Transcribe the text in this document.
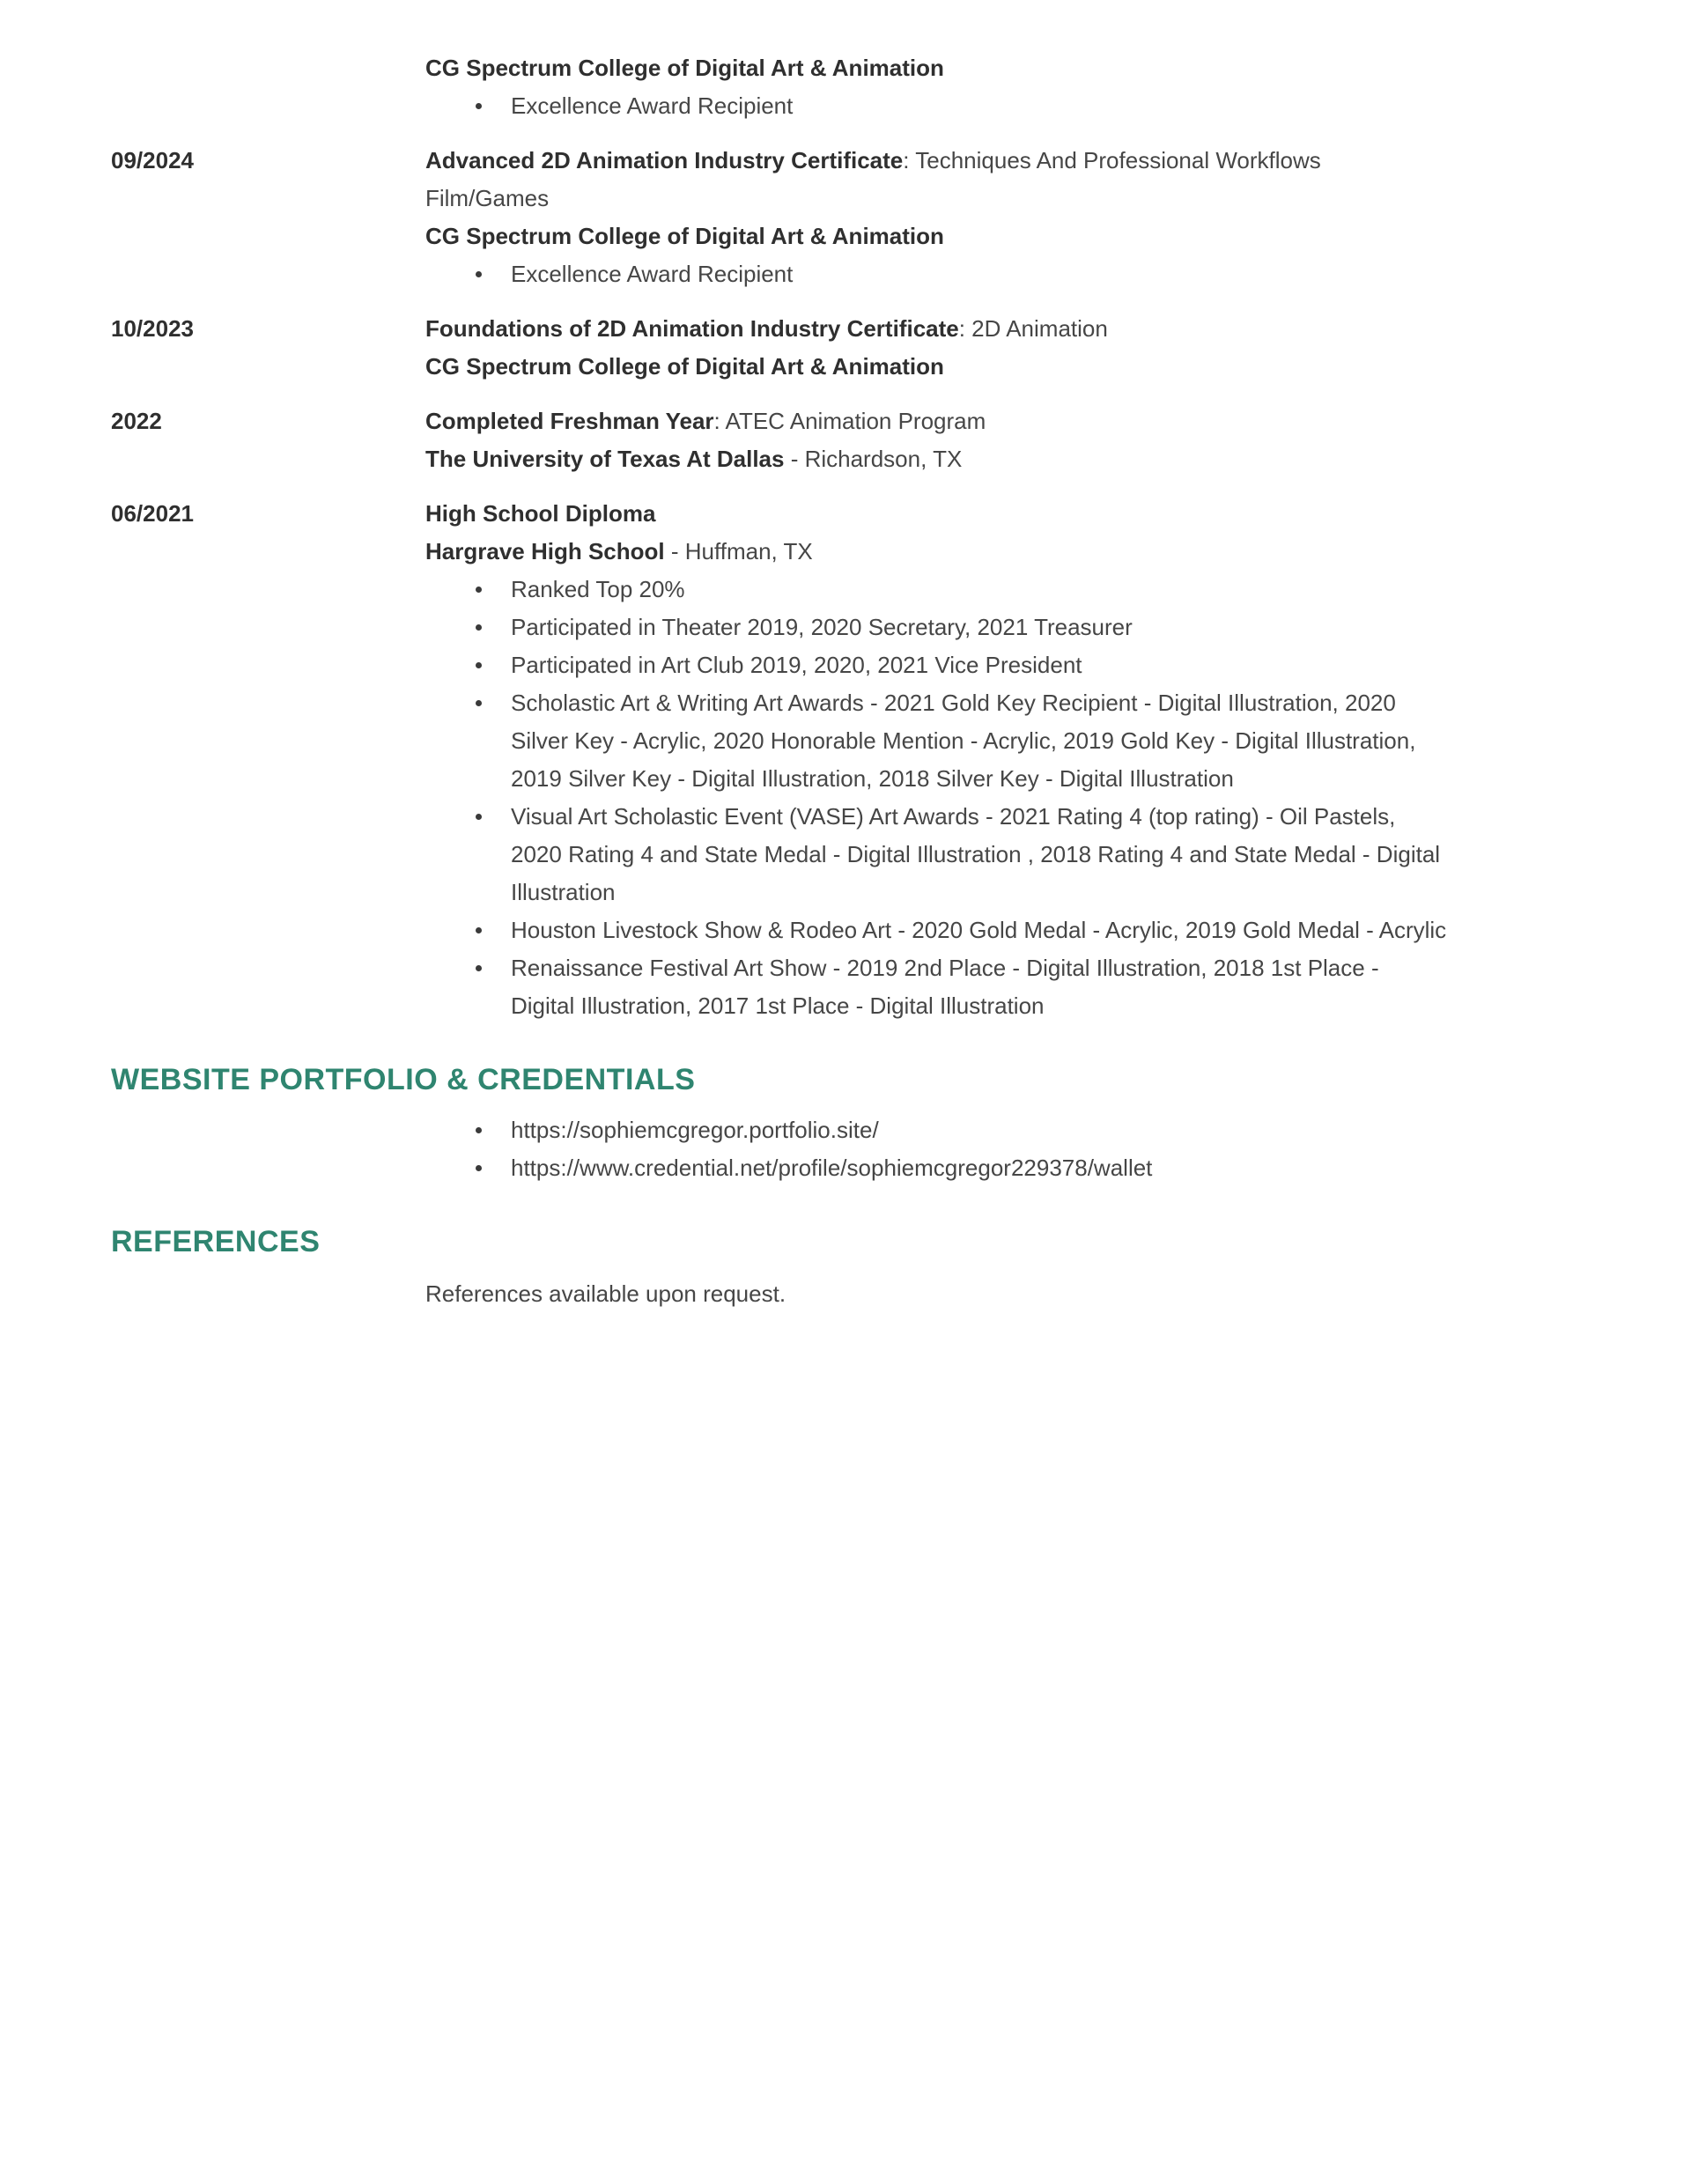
CG Spectrum College of Digital Art & Animation
Excellence Award Recipient
09/2024	Advanced 2D Animation Industry Certificate: Techniques And Professional Workflows Film/Games
CG Spectrum College of Digital Art & Animation
Excellence Award Recipient
10/2023	Foundations of 2D Animation Industry Certificate: 2D Animation
CG Spectrum College of Digital Art & Animation
2022	Completed Freshman Year: ATEC Animation Program
The University of Texas At Dallas - Richardson, TX
06/2021	High School Diploma
Hargrave High School - Huffman, TX
Ranked Top 20%
Participated in Theater 2019, 2020 Secretary, 2021 Treasurer
Participated in Art Club 2019, 2020, 2021 Vice President
Scholastic Art & Writing Art Awards - 2021 Gold Key Recipient - Digital Illustration, 2020 Silver Key - Acrylic, 2020 Honorable Mention - Acrylic, 2019 Gold Key - Digital Illustration, 2019 Silver Key - Digital Illustration, 2018 Silver Key - Digital Illustration
Visual Art Scholastic Event (VASE) Art Awards - 2021 Rating 4 (top rating) - Oil Pastels, 2020 Rating 4 and State Medal - Digital Illustration , 2018 Rating 4 and State Medal - Digital Illustration
Houston Livestock Show & Rodeo Art - 2020 Gold Medal - Acrylic, 2019 Gold Medal - Acrylic
Renaissance Festival Art Show - 2019 2nd Place - Digital Illustration, 2018 1st Place - Digital Illustration, 2017 1st Place - Digital Illustration
WEBSITE PORTFOLIO & CREDENTIALS
https://sophiemcgregor.portfolio.site/
https://www.credential.net/profile/sophiemcgregor229378/wallet
REFERENCES

References available upon request.
